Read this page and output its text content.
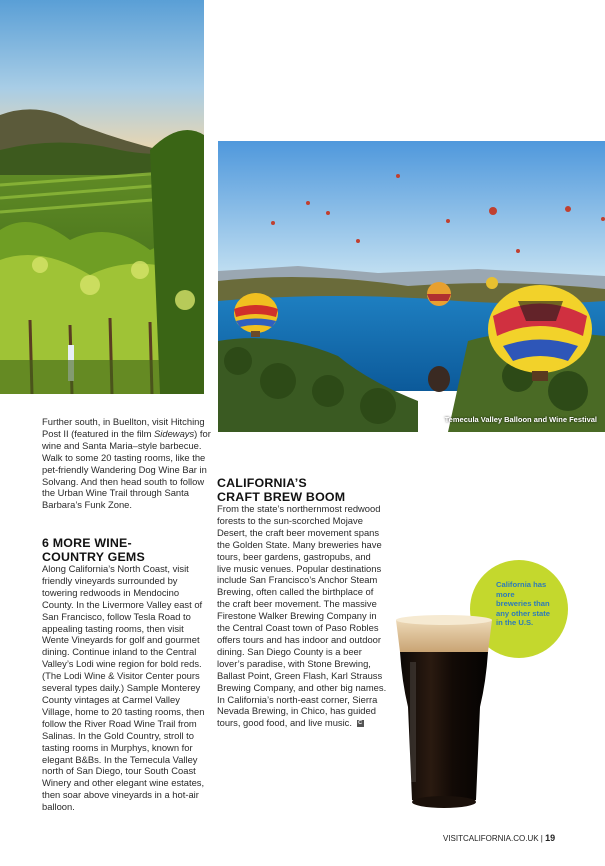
Temecula Valley Balloon and Wine Festival
Further south, in Buellton, visit Hitching Post II (featured in the film Sideways) for wine and Santa Maria–style barbecue. Walk to some 20 tasting rooms, like the pet-friendly Wandering Dog Wine Bar in Solvang. And then head south to follow the Urban Wine Trail through Santa Barbara’s Funk Zone.
6 MORE WINE-
COUNTRY GEMS
Along California’s North Coast, visit friendly vineyards surrounded by towering redwoods in Mendocino County. In the Livermore Valley east of San Francisco, follow Tesla Road to appealing tasting rooms, then visit Wente Vineyards for golf and gourmet dining. Continue inland to the Central Valley’s Lodi wine region for bold reds. (The Lodi Wine & Visitor Center pours several types daily.) Sample Monterey County vintages at Carmel Valley Village, home to 20 tasting rooms, then follow the River Road Wine Trail from Salinas. In the Gold Country, stroll to tasting rooms in Murphys, known for elegant B&Bs. In the Temecula Valley north of San Diego, tour South Coast Winery and other elegant wine estates, then soar above vineyards in a hot-air balloon.
CALIFORNIA’S
CRAFT BREW BOOM
From the state’s northernmost redwood forests to the sun-scorched Mojave Desert, the craft beer movement spans the Golden State. Many breweries have tours, beer gardens, gastropubs, and live music venues. Popular destinations include San Francisco’s Anchor Steam Brewing, often called the birthplace of the craft beer movement. The massive Firestone Walker Brewing Company in the Central Coast town of Paso Robles offers tours and has indoor and outdoor dining. San Diego County is a beer lover’s paradise, with Stone Brewing, Ballast Point, Green Flash, Karl Strauss Brewing Company, and other big names. In California’s north-east corner, Sierra Nevada Brewing, in Chico, has guided tours, good food, and live music. C
California has more breweries than any other state in the U.S.
VISITCALIFORNIA.CO.UK | 19
